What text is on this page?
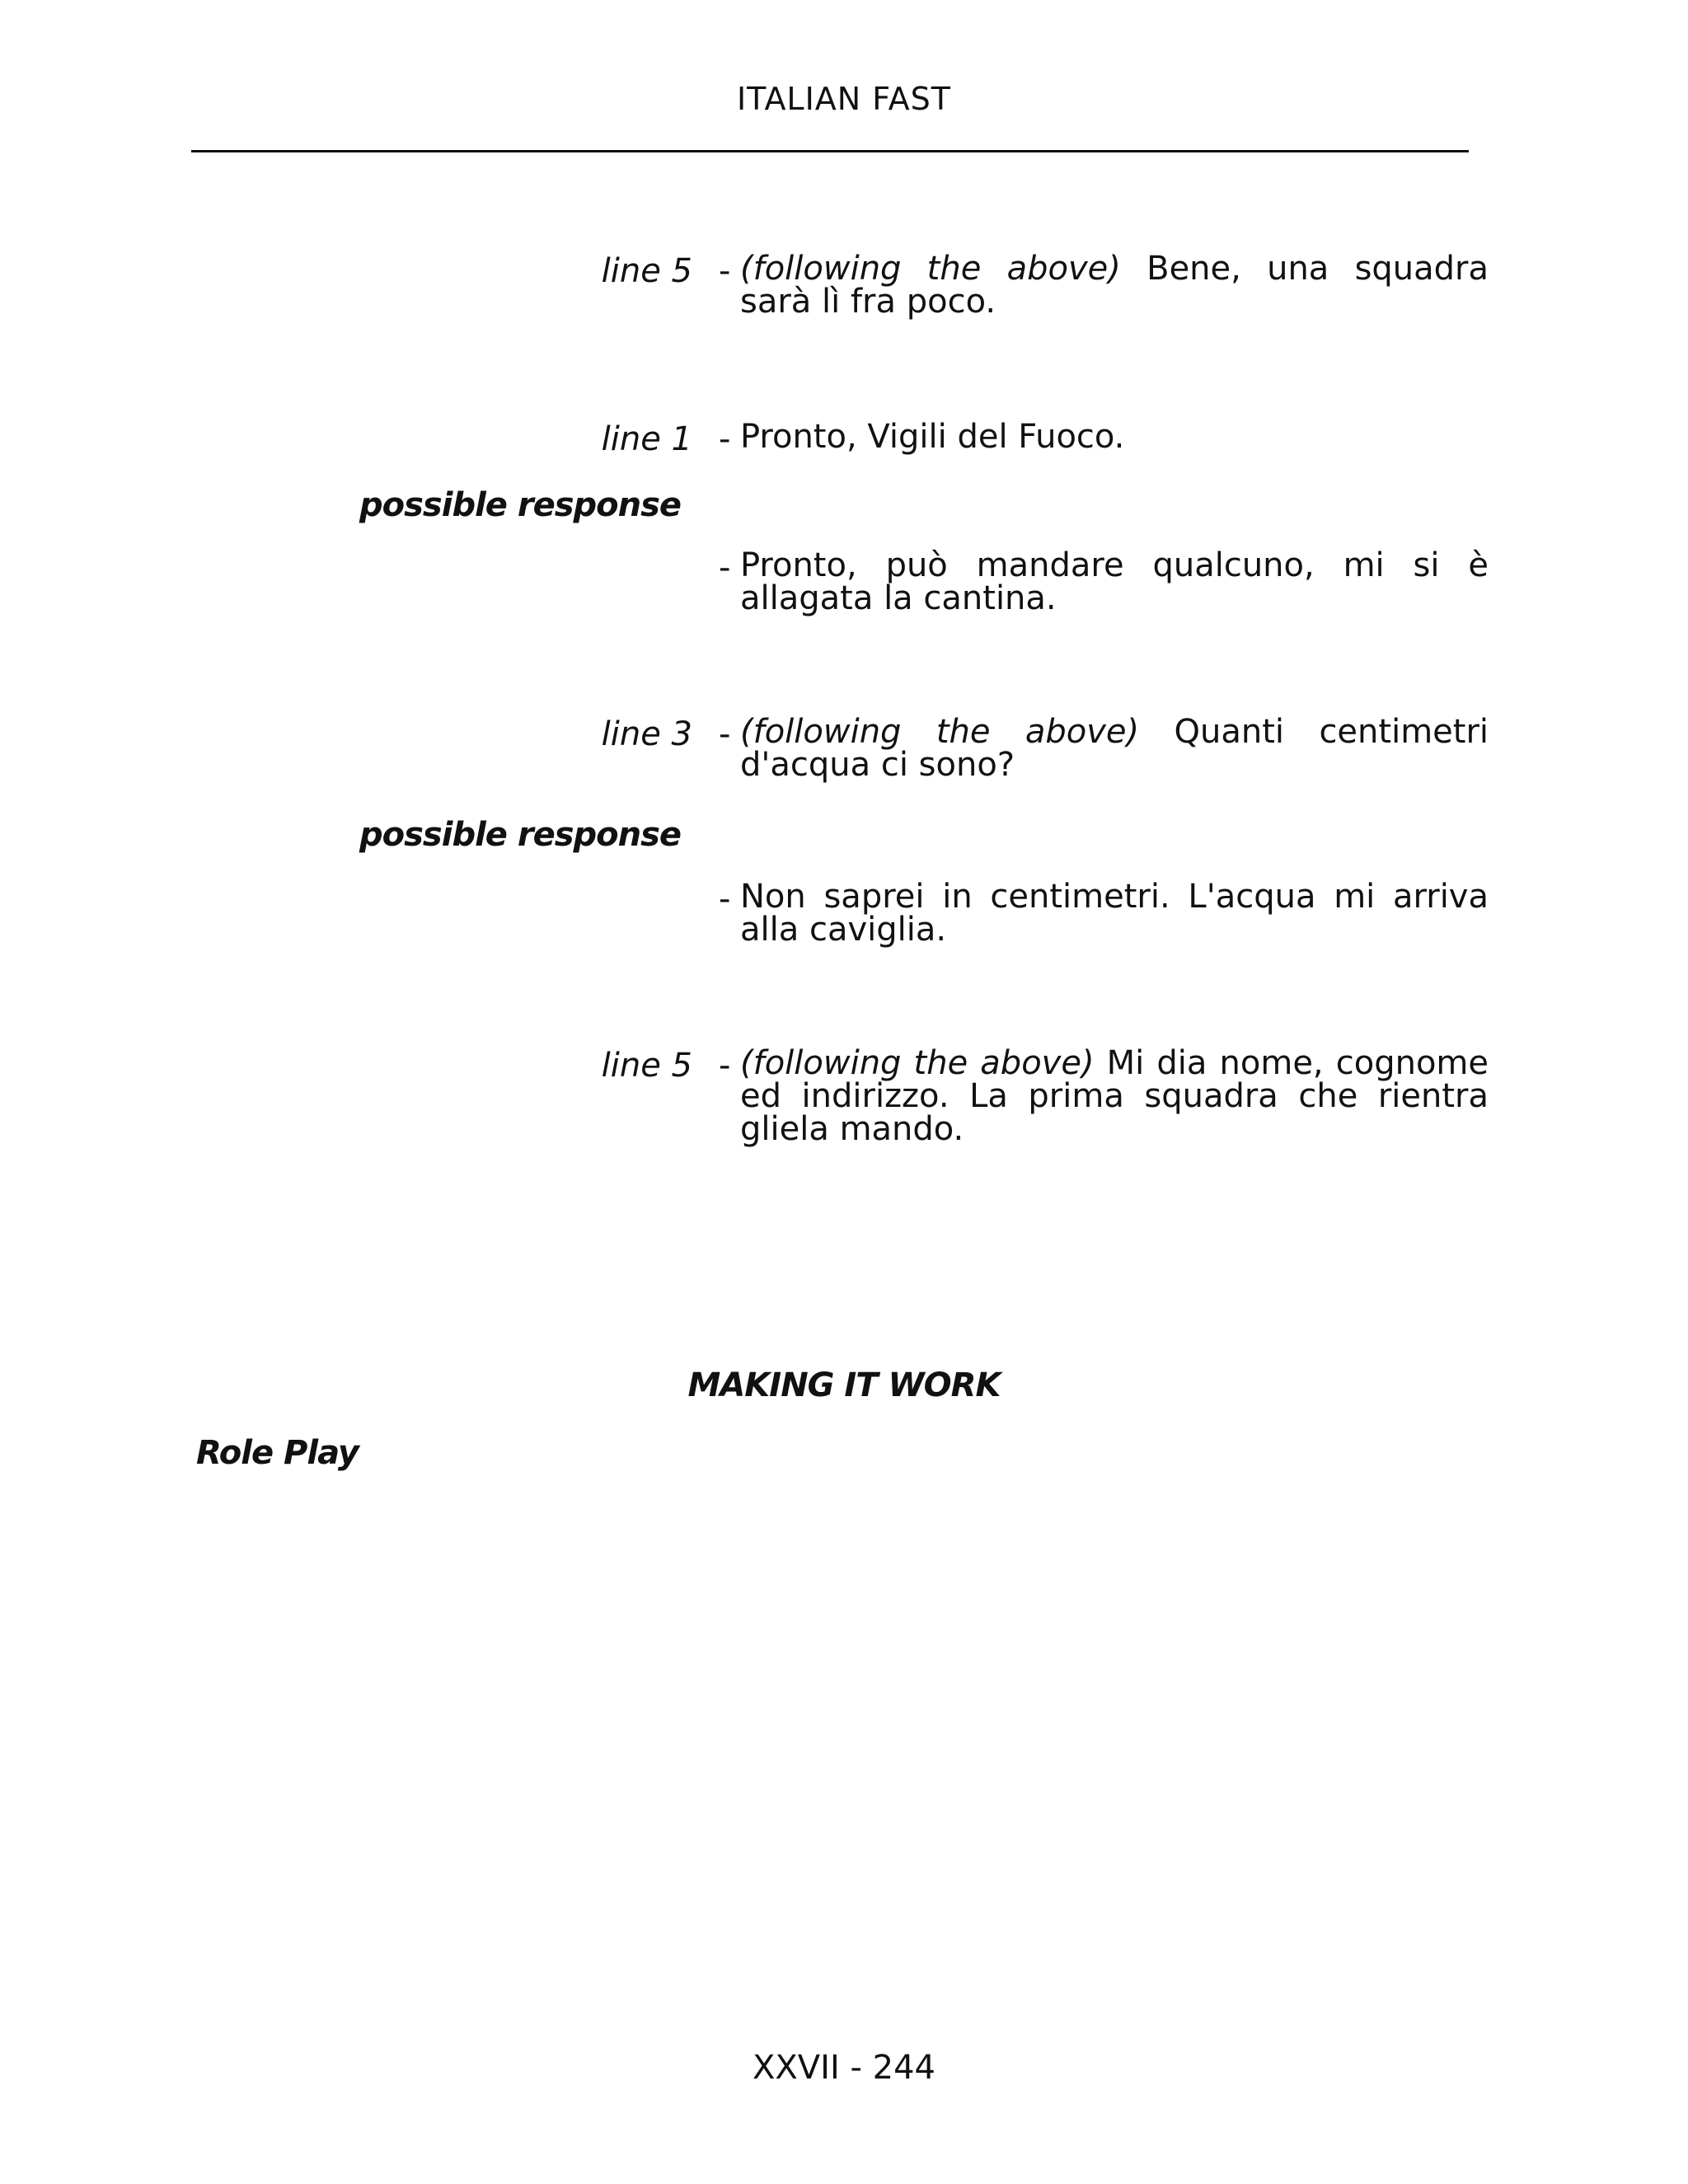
ITALIAN FAST
line 5 - (following the above) Bene, una squadra sarà lì fra poco.
line 1 - Pronto, Vigili del Fuoco.
possible response
- Pronto, può mandare qualcuno, mi si è allagata la cantina.
line 3 - (following the above) Quanti centimetri d'acqua ci sono?
possible response
- Non saprei in centimetri. L'acqua mi arriva alla caviglia.
line 5 - (following the above) Mi dia nome, cognome ed indirizzo. La prima squadra che rientra gliela mando.
MAKING IT WORK
Role Play
XXVII - 244
